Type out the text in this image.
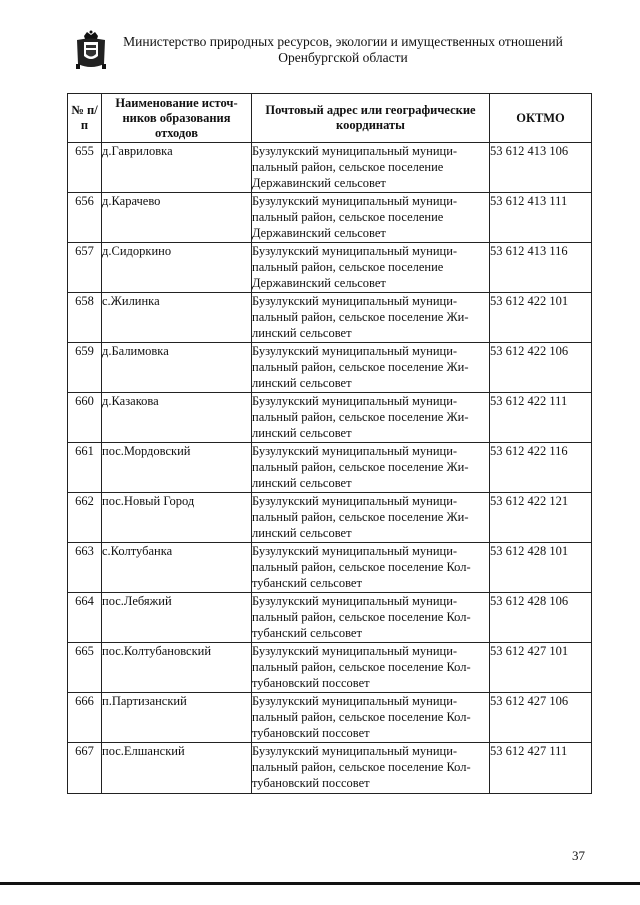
Министерство природных ресурсов, экологии и имущественных отношений
Оренбургской области
№ п/п	Наименование источ-ников образования отходов	Почтовый адрес или географические координаты	ОКТМО
655	д.Гавриловка	Бузулукский муниципальный муници-пальный район, сельское поселение Державинский сельсовет	53 612 413 106
656	д.Карачево	Бузулукский муниципальный муници-пальный район, сельское поселение Державинский сельсовет	53 612 413 111
657	д.Сидоркино	Бузулукский муниципальный муници-пальный район, сельское поселение Державинский сельсовет	53 612 413 116
658	с.Жилинка	Бузулукский муниципальный муници-пальный район, сельское поселение Жи-линский сельсовет	53 612 422 101
659	д.Балимовка	Бузулукский муниципальный муници-пальный район, сельское поселение Жи-линский сельсовет	53 612 422 106
660	д.Казакова	Бузулукский муниципальный муници-пальный район, сельское поселение Жи-линский сельсовет	53 612 422 111
661	пос.Мордовский	Бузулукский муниципальный муници-пальный район, сельское поселение Жи-линский сельсовет	53 612 422 116
662	пос.Новый Город	Бузулукский муниципальный муници-пальный район, сельское поселение Жи-линский сельсовет	53 612 422 121
663	с.Колтубанка	Бузулукский муниципальный муници-пальный район, сельское поселение Кол-тубанский сельсовет	53 612 428 101
664	пос.Лебяжий	Бузулукский муниципальный муници-пальный район, сельское поселение Кол-тубанский сельсовет	53 612 428 106
665	пос.Колтубановский	Бузулукский муниципальный муници-пальный район, сельское поселение Кол-тубановский поссовет	53 612 427 101
666	п.Партизанский	Бузулукский муниципальный муници-пальный район, сельское поселение Кол-тубановский поссовет	53 612 427 106
667	пос.Елшанский	Бузулукский муниципальный муници-пальный район, сельское поселение Кол-тубановский поссовет	53 612 427 111
37
